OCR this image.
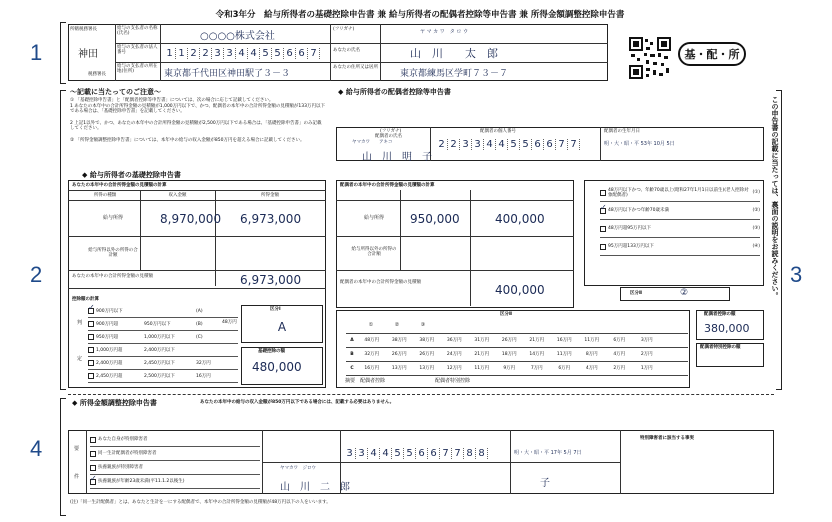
令和3年分　給与所得者の基礎控除申告書 兼 給与所得者の配偶者控除等申告書 兼 所得金額調整控除申告書
1
2	3
4
所轄税務署長
神田
税務署長
給与の支払者の名称(氏名)	○○○○株式会社
給与の支払者の法人番号	1 1 2 2 3 3 4 4 5 5 6 6 7
給与の支払者の所在地(住所)	東京都千代田区神田駅了３－３
(フリガナ)	ヤ マ カ ワ　タ ロ ウ
あなたの氏名	山　川　　太　郎
あなたの住所又は居所
東京都練馬区学町７３－７
基・配・所
〜記載に当たってのご注意〜
① 「基礎控除申告書」と「配偶者控除等申告書」については、次の場合に応じて記載してください。
1 あなたの本年中の合計所得金額の見積額が1,000万円以下で、かつ、配偶者の本年中の合計所得金額の見積額が133万円以下である場合は、「基礎控除申告書」を記載してください。
2 上記1以外で、かつ、あなたの本年中の合計所得金額の見積額が2,500万円以下である場合は、「基礎控除申告書」のみ記載してください。
② 「所得金額調整控除申告書」については、本年中の給与の収入金額が850万円を超える場合に記載してください。
◆ 給与所得者の基礎控除申告書
あなたの本年中の合計所得金額の見積額の計算
所得の種類	収入金額	所得金額
給与所得	8,970,000 6,973,000
給与所得以外の所得の合計額
あなたの本年中の合計所得金額の見積額	6,973,000
控除額の計算
判
定
✓
900万円以下	(A)
900万円超	950万円以下	(B)
950万円超	1,000万円以下	(C)
1,000万円超	2,400万円以下
2,400万円超	2,450万円以下	32万円
2,450万円超	2,500万円以下	16万円
48万円
区分Ⅰ
A
基礎控除の額
480,000
◆ 給与所得者の配偶者控除等申告書
(フリガナ)
ヤマカワ　　アキコ
配偶者の氏名
山　川　明　子
配偶者の個人番号
2 2 3 3 4 4 5 5 6 6 7 7
配偶者の生年月日
明・大・昭・平 53年 10月 5日
配偶者の本年中の合計所得金額の見積額の計算
給与所得	950,000	400,000
給与所得以外の所得の合計額
配偶者の本年中の合計所得金額の見積額
400,000
48万円以下かつ、年齢70歳以上(昭和27年1月1日以前生)(老人控除対象配偶者)	(①)
✓
48万円以下かつ年齢70歳未満	(②)
48万円超95万円以下	(③)
95万円超133万円以下	(④)
区分Ⅱ	②
区分Ⅱ
①	②	③
A	48万円	38万円	38万円	36万円	31万円	26万円	21万円	16万円	11万円	6万円	3万円
B	32万円	26万円	26万円	24万円	21万円	18万円	14万円	11万円	8万円	4万円	2万円
C	16万円	13万円	13万円	12万円	11万円	9万円	7万円	6万円	4万円	2万円	1万円
摘要　配偶者控除　　　　　　　　　　配偶者特別控除
配偶者控除の額
380,000
配偶者特別控除の額
この申告書の記載に当たっては、裏面の説明をお読みください。
◆ 所得金額調整控除申告書	あなたの本年中の給与の収入金額が850万円以下である場合には、記載する必要はありません。
要
件
あなた自身が特別障害者
同一生計配偶者が特別障害者
扶養親族が特別障害者
✓
扶養親族が年齢23歳未満(平11.1.2以後生)
ヤマカワ　ジロウ
山　川　二　郎
3 3 4 4 5 5 6 6 7 7 8 8	明・大・昭・平 17年 5月 7日
子
特別障害者に該当する事実
(注)「同一生計配偶者」とは、あなたと生計を一にする配偶者で、本年中の合計所得金額の見積額が48万円以下の人をいいます。
